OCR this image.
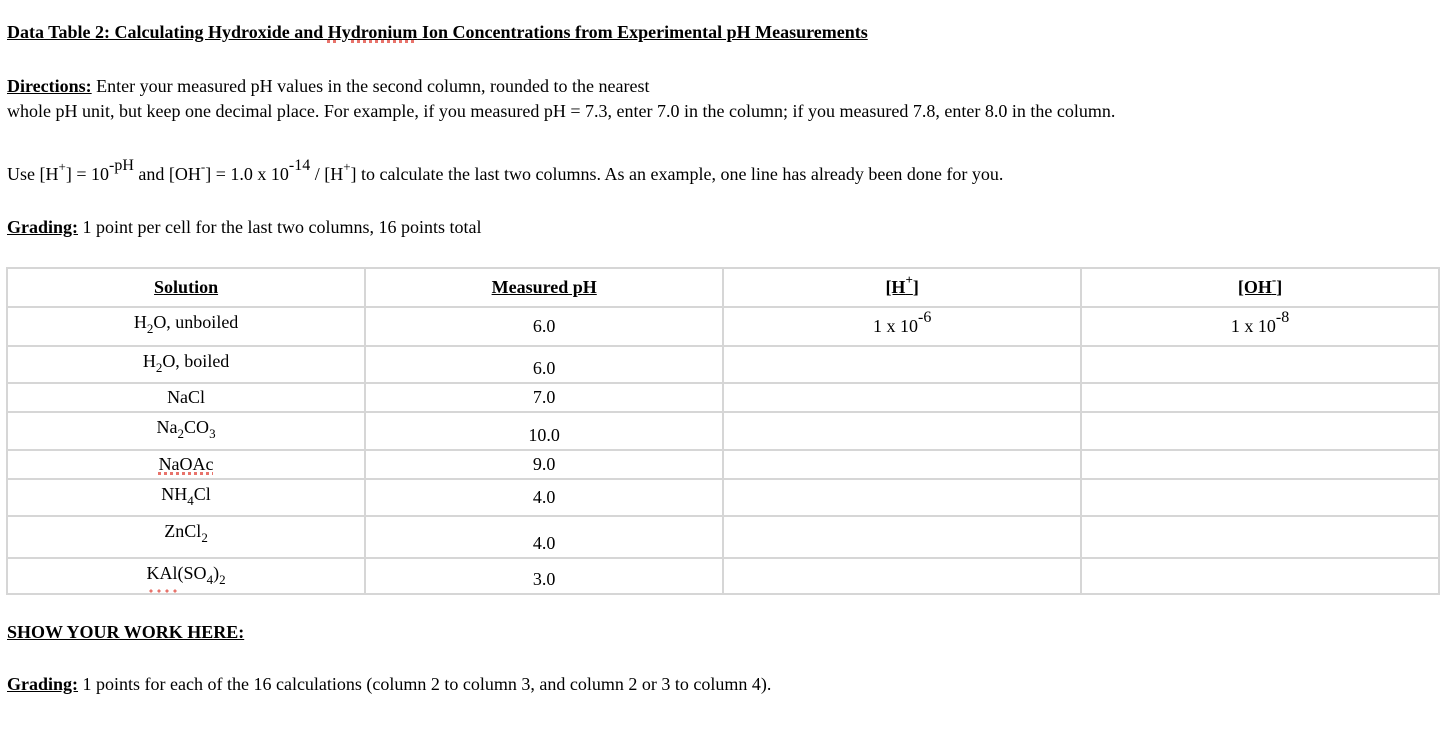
Data Table 2: Calculating Hydroxide and Hydronium Ion Concentrations from Experimental pH Measurements
Directions: Enter your measured pH values in the second column, rounded to the nearest
whole pH unit, but keep one decimal place. For example, if you measured pH = 7.3, enter 7.0 in the column; if you measured 7.8, enter 8.0 in the column.
Use $[H^+] = 10^{-pH}$ and [OH-] = 1.0 x $10^{-14} / [H^+]$ to calculate the last two columns. As an example, one line has already been done for you.
Grading: 1 point per cell for the last two columns, 16 points total
Solution	Measured pH	[H+]	[OH-]
$H_2O$, unboiled	6.0	1 x $10^{-6}$	1 x $10^{-8}$
$H_2O$, boiled	6.0		
NaCl	7.0		
$Na_2CO_3$	10.0		
NaOAc	9.0		
$NH_4Cl$	4.0		
ZnCl$_2$	4.0		
$KAl(SO_4)_2$	3.0		
SHOW YOUR WORK HERE:
Grading: 1 points for each of the 16 calculations (column 2 to column 3, and column 2 or 3 to column 4).
